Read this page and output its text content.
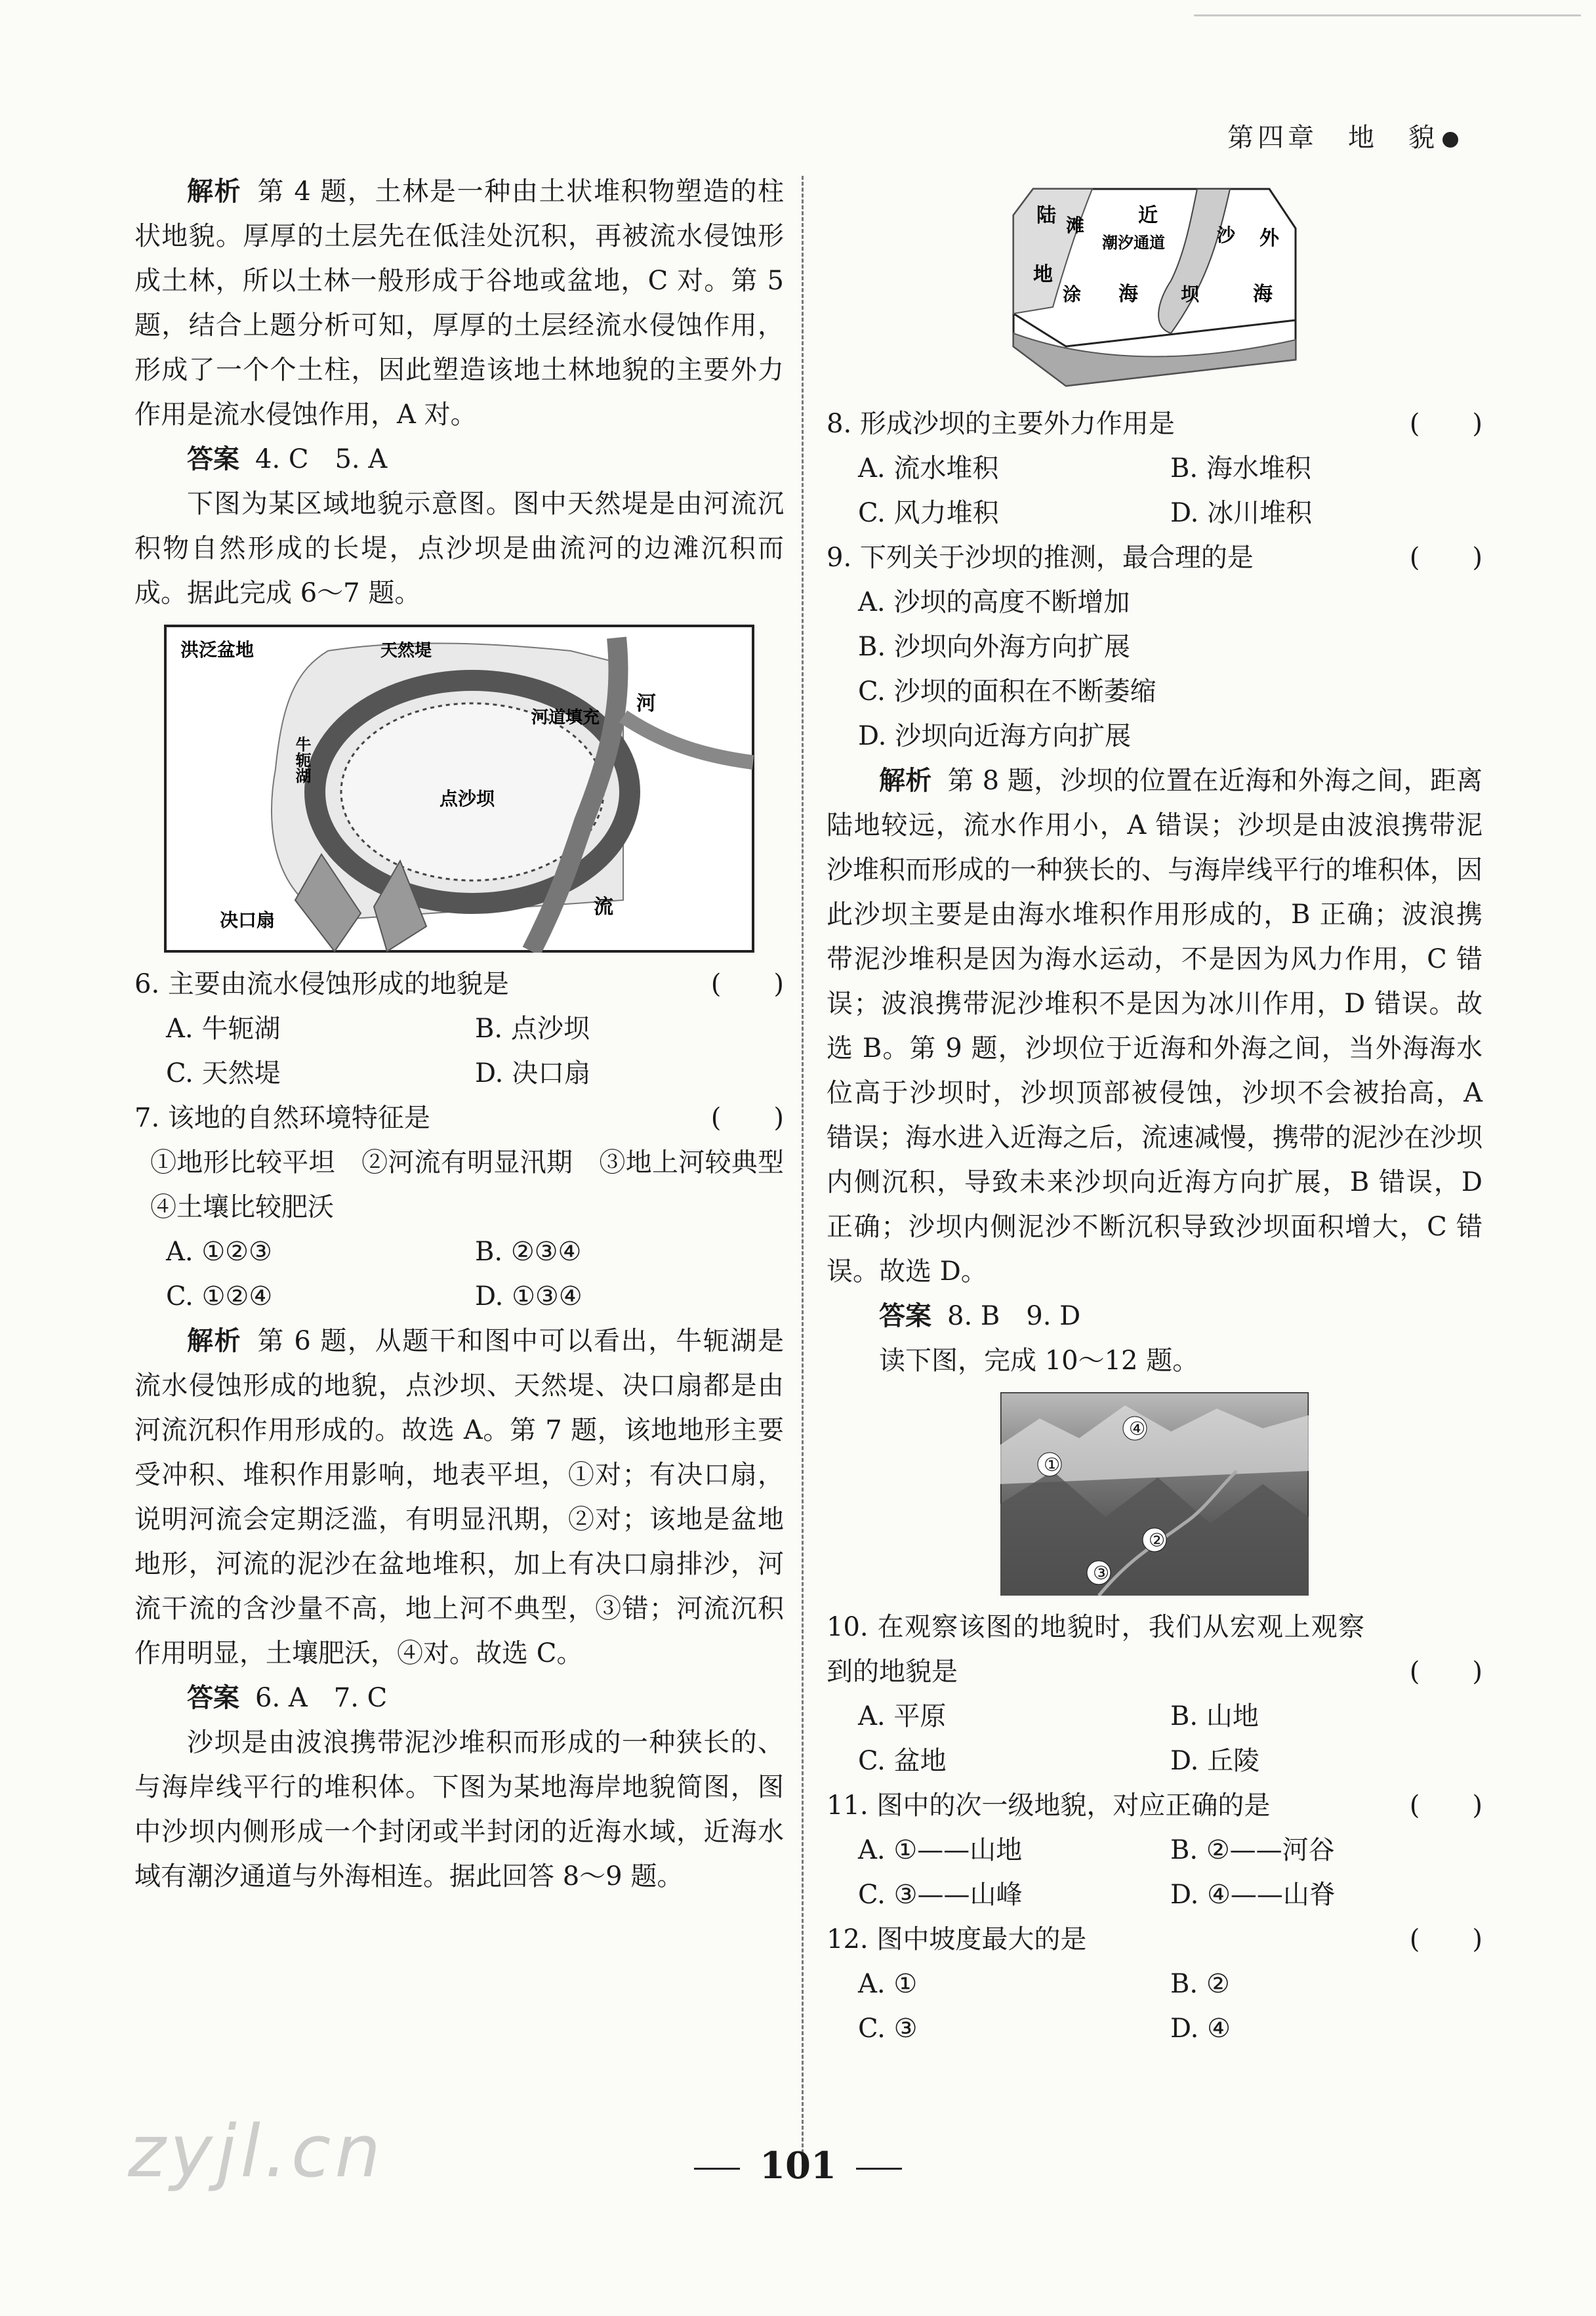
第四章　地　貌

解析 第 4 题，土林是一种由土状堆积物塑造的柱状地貌。厚厚的土层先在低洼处沉积，再被流水侵蚀形成土林，所以土林一般形成于谷地或盆地，C 对。第 5 题，结合上题分析可知，厚厚的土层经流水侵蚀作用，形成了一个个土柱，因此塑造该地土林地貌的主要外力作用是流水侵蚀作用，A 对。

答案 4. C　5. A

下图为某区域地貌示意图。图中天然堤是由河流沉积物自然形成的长堤，点沙坝是曲流河的边滩沉积而成。据此完成 6～7 题。

洪泛盆地	天然堤
河道填充
点沙坝
河
流
决口扇
牛轭湖

6. 主要由流水侵蚀形成的地貌是	(　　)

A. 牛轭湖	B. 点沙坝
C. 天然堤	D. 决口扇

7. 该地的自然环境特征是	(　　)

①地形比较平坦　②河流有明显汛期　③地上河较典型　④土壤比较肥沃

A. ①②③	B. ②③④
C. ①②④	D. ①③④

解析 第 6 题，从题干和图中可以看出，牛轭湖是流水侵蚀形成的地貌，点沙坝、天然堤、决口扇都是由河流沉积作用形成的。故选 A。第 7 题，该地地形主要受冲积、堆积作用影响，地表平坦，①对；有决口扇，说明河流会定期泛滥，有明显汛期，②对；该地是盆地地形，河流的泥沙在盆地堆积，加上有决口扇排沙，河流干流的含沙量不高，地上河不典型，③错；河流沉积作用明显，土壤肥沃，④对。故选 C。

答案 6. A　7. C

沙坝是由波浪携带泥沙堆积而形成的一种狭长的、与海岸线平行的堆积体。下图为某地海岸地貌简图，图中沙坝内侧形成一个封闭或半封闭的近海水域，近海水域有潮汐通道与外海相连。据此回答 8～9 题。

陆
地
滩
涂
近
海
潮汐通道	沙
坝
外
海

8. 形成沙坝的主要外力作用是	(　　)

A. 流水堆积	B. 海水堆积
C. 风力堆积	D. 冰川堆积

9. 下列关于沙坝的推测，最合理的是	(　　)

A. 沙坝的高度不断增加
B. 沙坝向外海方向扩展
C. 沙坝的面积在不断萎缩
D. 沙坝向近海方向扩展

解析 第 8 题，沙坝的位置在近海和外海之间，距离陆地较远，流水作用小，A 错误；沙坝是由波浪携带泥沙堆积而形成的一种狭长的、与海岸线平行的堆积体，因此沙坝主要是由海水堆积作用形成的，B 正确；波浪携带泥沙堆积是因为海水运动，不是因为风力作用，C 错误；波浪携带泥沙堆积不是因为冰川作用，D 错误。故选 B。第 9 题，沙坝位于近海和外海之间，当外海海水位高于沙坝时，沙坝顶部被侵蚀，沙坝不会被抬高，A 错误；海水进入近海之后，流速减慢，携带的泥沙在沙坝内侧沉积，导致未来沙坝向近海方向扩展，B 错误，D 正确；沙坝内侧泥沙不断沉积导致沙坝面积增大，C 错误。故选 D。

答案 8. B　9. D

读下图，完成 10～12 题。

④
①
②
③

10. 在观察该图的地貌时，我们从宏观上观察到的地貌是	(　　)

A. 平原	B. 山地
C. 盆地	D. 丘陵

11. 图中的次一级地貌，对应正确的是	(　　)

A. ①——山地	B. ②——河谷
C. ③——山峰	D. ④——山脊

12. 图中坡度最大的是	(　　)

A. ①	B. ②
C. ③	D. ④
101
zyjl.cn
